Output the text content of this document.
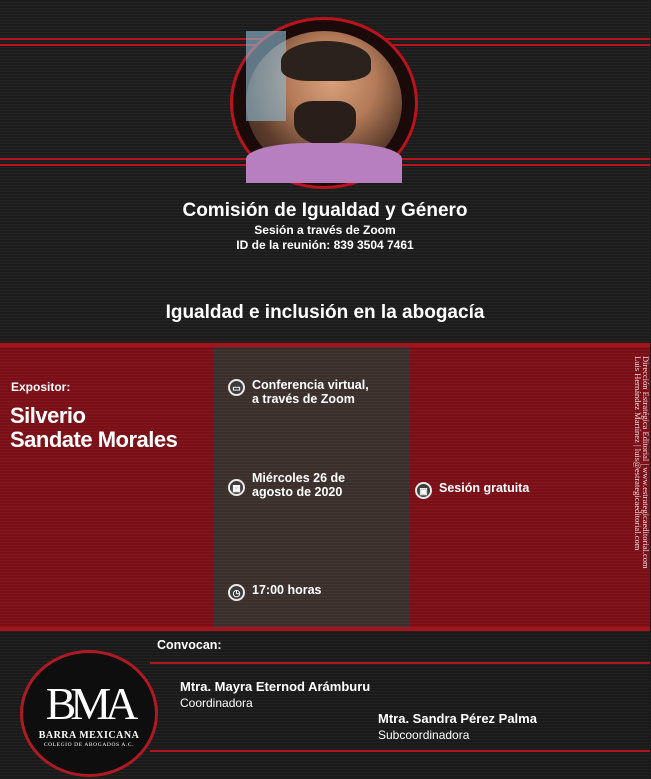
Comisión de Igualdad y Género
Sesión a través de Zoom
ID de la reunión: 839 3504 7461
Igualdad e inclusión en la abogacía
Expositor:
Silverio
Sandate Morales
▭ Conferencia virtual,
a través de Zoom
▦
Miércoles 26 de
agosto de 2020	▣ Sesión gratuita
◷ 17:00 horas
Dirección Estratégica Editorial | www.estrategicaeditorial.com
Luis Hernández Martínez | luis@estrategicaeditorial.com
Convocan:
BMA
BARRA MEXICANA
COLEGIO DE ABOGADOS A.C.
Mtra. Mayra Eternod Arámburu
Coordinadora
Mtra. Sandra Pérez Palma
Subcoordinadora
